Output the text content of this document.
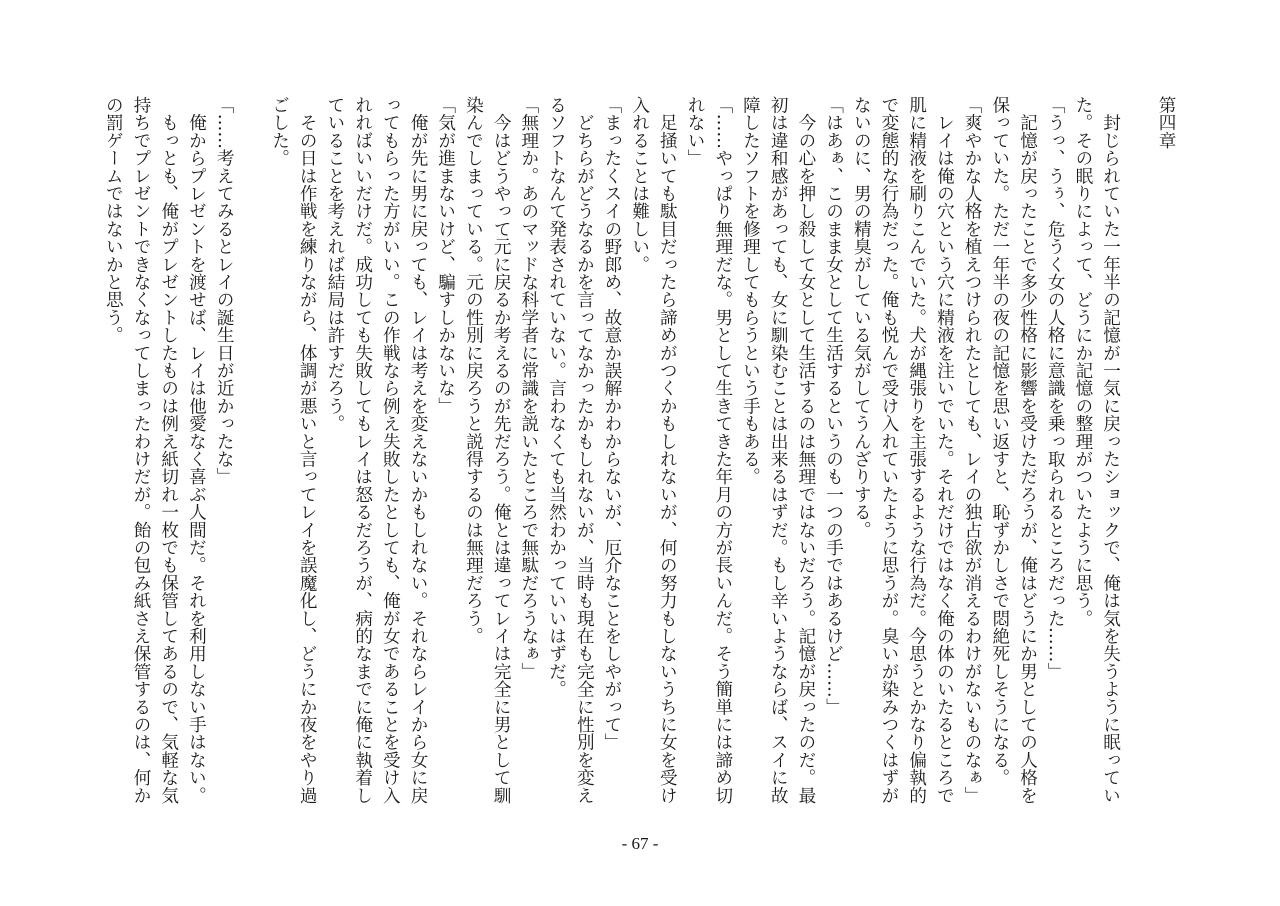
第四章
　封じられていた一年半の記憶が一気に戻ったショックで、俺は気を失うように眠ってい
た。その眠りによって、どうにか記憶の整理がついたように思う。
「うっ、うぅ、危うく女の人格に意識を乗っ取られるところだった……」
　記憶が戻ったことで多少性格に影響を受けただろうが、俺はどうにか男としての人格を
保っていた。ただ一年半の夜の記憶を思い返すと、恥ずかしさで悶絶死しそうになる。
「爽やかな人格を植えつけられたとしても、レイの独占欲が消えるわけがないものなぁ」
　レイは俺の穴という穴に精液を注いでいた。それだけではなく俺の体のいたるところで
肌に精液を刷りこんでいた。犬が縄張りを主張するような行為だ。今思うとかなり偏執的
で変態的な行為だった。俺も悦んで受け入れていたように思うが。臭いが染みつくはずが
ないのに、男の精臭がしている気がしてうんざりする。
「はあぁ、このまま女として生活するというのも一つの手ではあるけど……」
　今の心を押し殺して女として生活するのは無理ではないだろう。記憶が戻ったのだ。最
初は違和感があっても、女に馴染むことは出来るはずだ。もし辛いようならば、スイに故
障したソフトを修理してもらうという手もある。
「……やっぱり無理だな。男として生きてきた年月の方が長いんだ。そう簡単には諦め切
れない」
　足掻いても駄目だったら諦めがつくかもしれないが、何の努力もしないうちに女を受け
入れることは難しい。
「まったくスイの野郎め、故意か誤解かわからないが、厄介なことをしやがって」
　どちらがどうなるかを言ってなかったかもしれないが、当時も現在も完全に性別を変え
るソフトなんて発表されていない。言わなくても当然わかっていいはずだ。
「無理か。あのマッドな科学者に常識を説いたところで無駄だろうなぁ」
　今はどうやって元に戻るか考えるのが先だろう。俺とは違ってレイは完全に男として馴
染んでしまっている。元の性別に戻ろうと説得するのは無理だろう。
「気が進まないけど、騙すしかないな」
　俺が先に男に戻っても、レイは考えを変えないかもしれない。それならレイから女に戻
ってもらった方がいい。この作戦なら例え失敗したとしても、俺が女であることを受け入
れればいいだけだ。成功しても失敗してもレイは怒るだろうが、病的なまでに俺に執着し
ていることを考えれば結局は許すだろう。
　その日は作戦を練りながら、体調が悪いと言ってレイを誤魔化し、どうにか夜をやり過
ごした。
「……考えてみるとレイの誕生日が近かったな」
　俺からプレゼントを渡せば、レイは他愛なく喜ぶ人間だ。それを利用しない手はない。
　もっとも、俺がプレゼントしたものは例え紙切れ一枚でも保管してあるので、気軽な気
持ちでプレゼントできなくなってしまったわけだが。飴の包み紙さえ保管するのは、何か
の罰ゲームではないかと思う。
- 67 -
